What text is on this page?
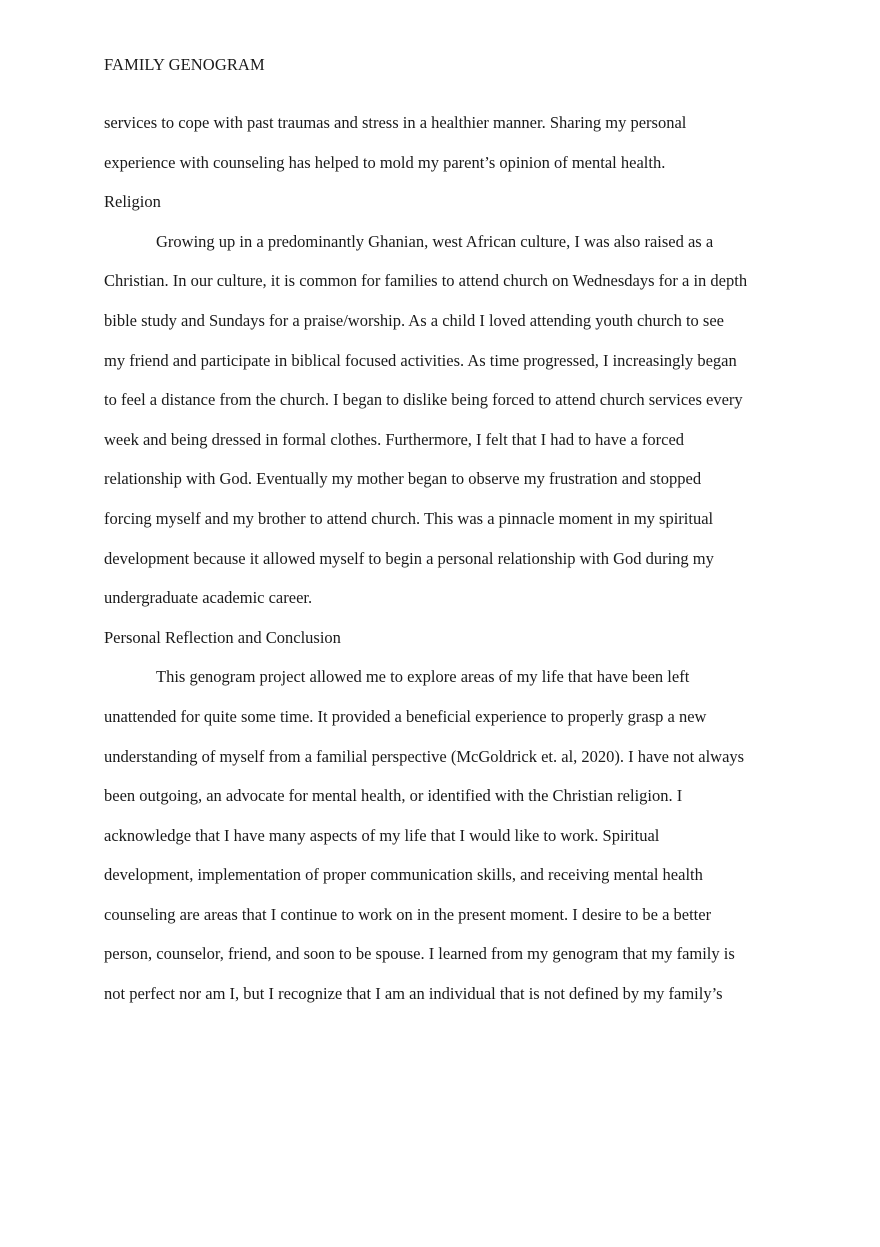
FAMILY GENOGRAM
services to cope with past traumas and stress in a healthier manner. Sharing my personal
experience with counseling has helped to mold my parent’s opinion of mental health.
Religion
Growing up in a predominantly Ghanian, west African culture, I was also raised as a
Christian. In our culture, it is common for families to attend church on Wednesdays for a in depth
bible study and Sundays for a praise/worship. As a child I loved attending youth church to see
my friend and participate in biblical focused activities. As time progressed, I increasingly began
to feel a distance from the church. I began to dislike being forced to attend church services every
week and being dressed in formal clothes. Furthermore, I felt that I had to have a forced
relationship with God. Eventually my mother began to observe my frustration and stopped
forcing myself and my brother to attend church. This was a pinnacle moment in my spiritual
development because it allowed myself to begin a personal relationship with God during my
undergraduate academic career.
Personal Reflection and Conclusion
This genogram project allowed me to explore areas of my life that have been left
unattended for quite some time. It provided a beneficial experience to properly grasp a new
understanding of myself from a familial perspective (McGoldrick et. al, 2020). I have not always
been outgoing, an advocate for mental health, or identified with the Christian religion. I
acknowledge that I have many aspects of my life that I would like to work. Spiritual
development, implementation of proper communication skills, and receiving mental health
counseling are areas that I continue to work on in the present moment. I desire to be a better
person, counselor, friend, and soon to be spouse. I learned from my genogram that my family is
not perfect nor am I, but I recognize that I am an individual that is not defined by my family’s
